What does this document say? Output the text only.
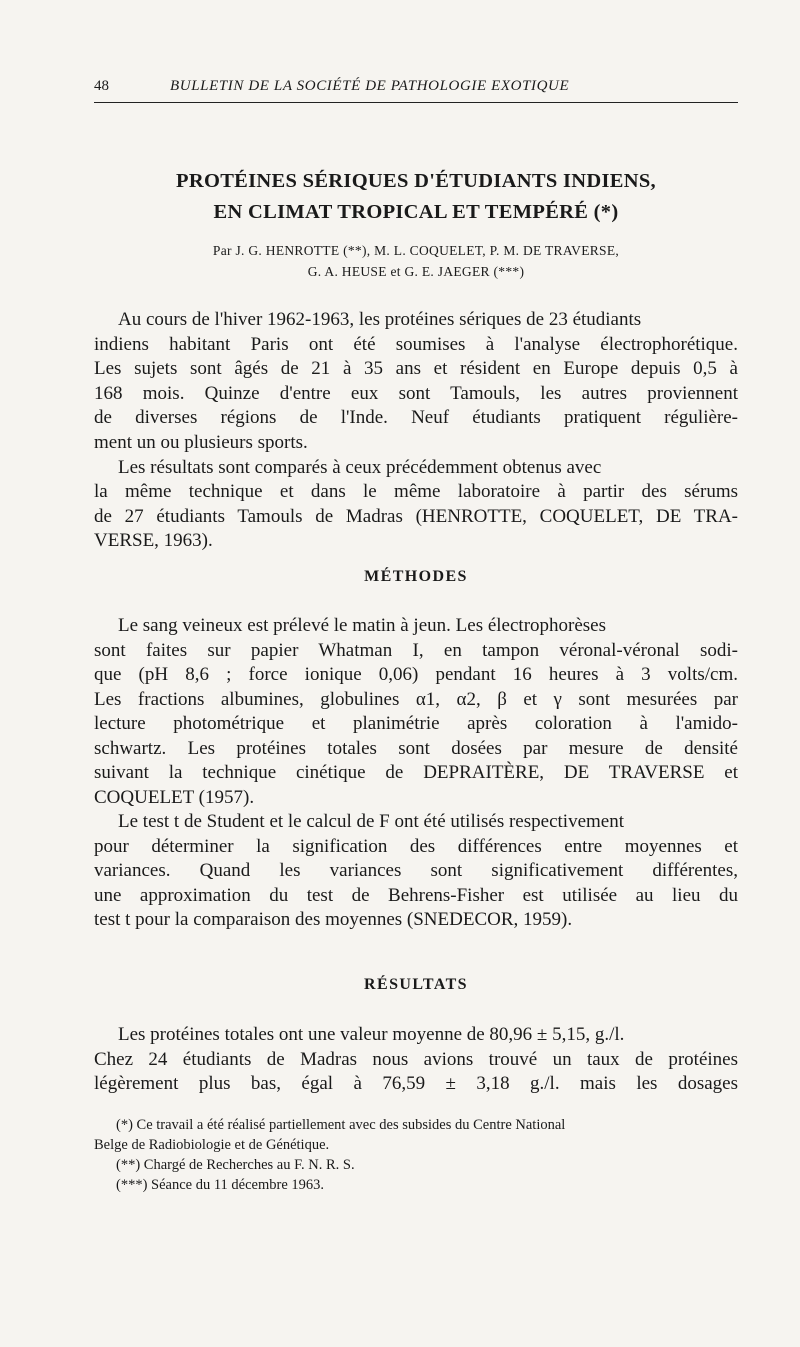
48	BULLETIN DE LA SOCIÉTÉ DE PATHOLOGIE EXOTIQUE
PROTÉINES SÉRIQUES D'ÉTUDIANTS INDIENS,
EN CLIMAT TROPICAL ET TEMPÉRÉ (*)
Par J. G. HENROTTE (**), M. L. COQUELET, P. M. DE TRAVERSE,
G. A. HEUSE et G. E. JAEGER (***)

Au cours de l'hiver 1962-1963, les protéines sériques de 23 étudiants

indiens habitant Paris ont été soumises à l'analyse électrophorétique.

Les sujets sont âgés de 21 à 35 ans et résident en Europe depuis 0,5 à

168 mois. Quinze d'entre eux sont Tamouls, les autres proviennent

de diverses régions de l'Inde. Neuf étudiants pratiquent régulière-

ment un ou plusieurs sports.

Les résultats sont comparés à ceux précédemment obtenus avec

la même technique et dans le même laboratoire à partir des sérums

de 27 étudiants Tamouls de Madras (HENROTTE, COQUELET, DE TRA-

VERSE, 1963).

MÉTHODES

Le sang veineux est prélevé le matin à jeun. Les électrophorèses

sont faites sur papier Whatman I, en tampon véronal-véronal sodi-

que (pH 8,6 ; force ionique 0,06) pendant 16 heures à 3 volts/cm.

Les fractions albumines, globulines α1, α2, β et γ sont mesurées par

lecture photométrique et planimétrie après coloration à l'amido-

schwartz. Les protéines totales sont dosées par mesure de densité

suivant la technique cinétique de DEPRAITÈRE, DE TRAVERSE et

COQUELET (1957).

Le test t de Student et le calcul de F ont été utilisés respectivement

pour déterminer la signification des différences entre moyennes et

variances. Quand les variances sont significativement différentes,

une approximation du test de Behrens-Fisher est utilisée au lieu du

test t pour la comparaison des moyennes (SNEDECOR, 1959).

RÉSULTATS

Les protéines totales ont une valeur moyenne de 80,96 ± 5,15, g./l.

Chez 24 étudiants de Madras nous avions trouvé un taux de protéines

légèrement plus bas, égal à 76,59 ± 3,18 g./l. mais les dosages

(*) Ce travail a été réalisé partiellement avec des subsides du Centre National

Belge de Radiobiologie et de Génétique.

(**) Chargé de Recherches au F. N. R. S.

(***) Séance du 11 décembre 1963.
